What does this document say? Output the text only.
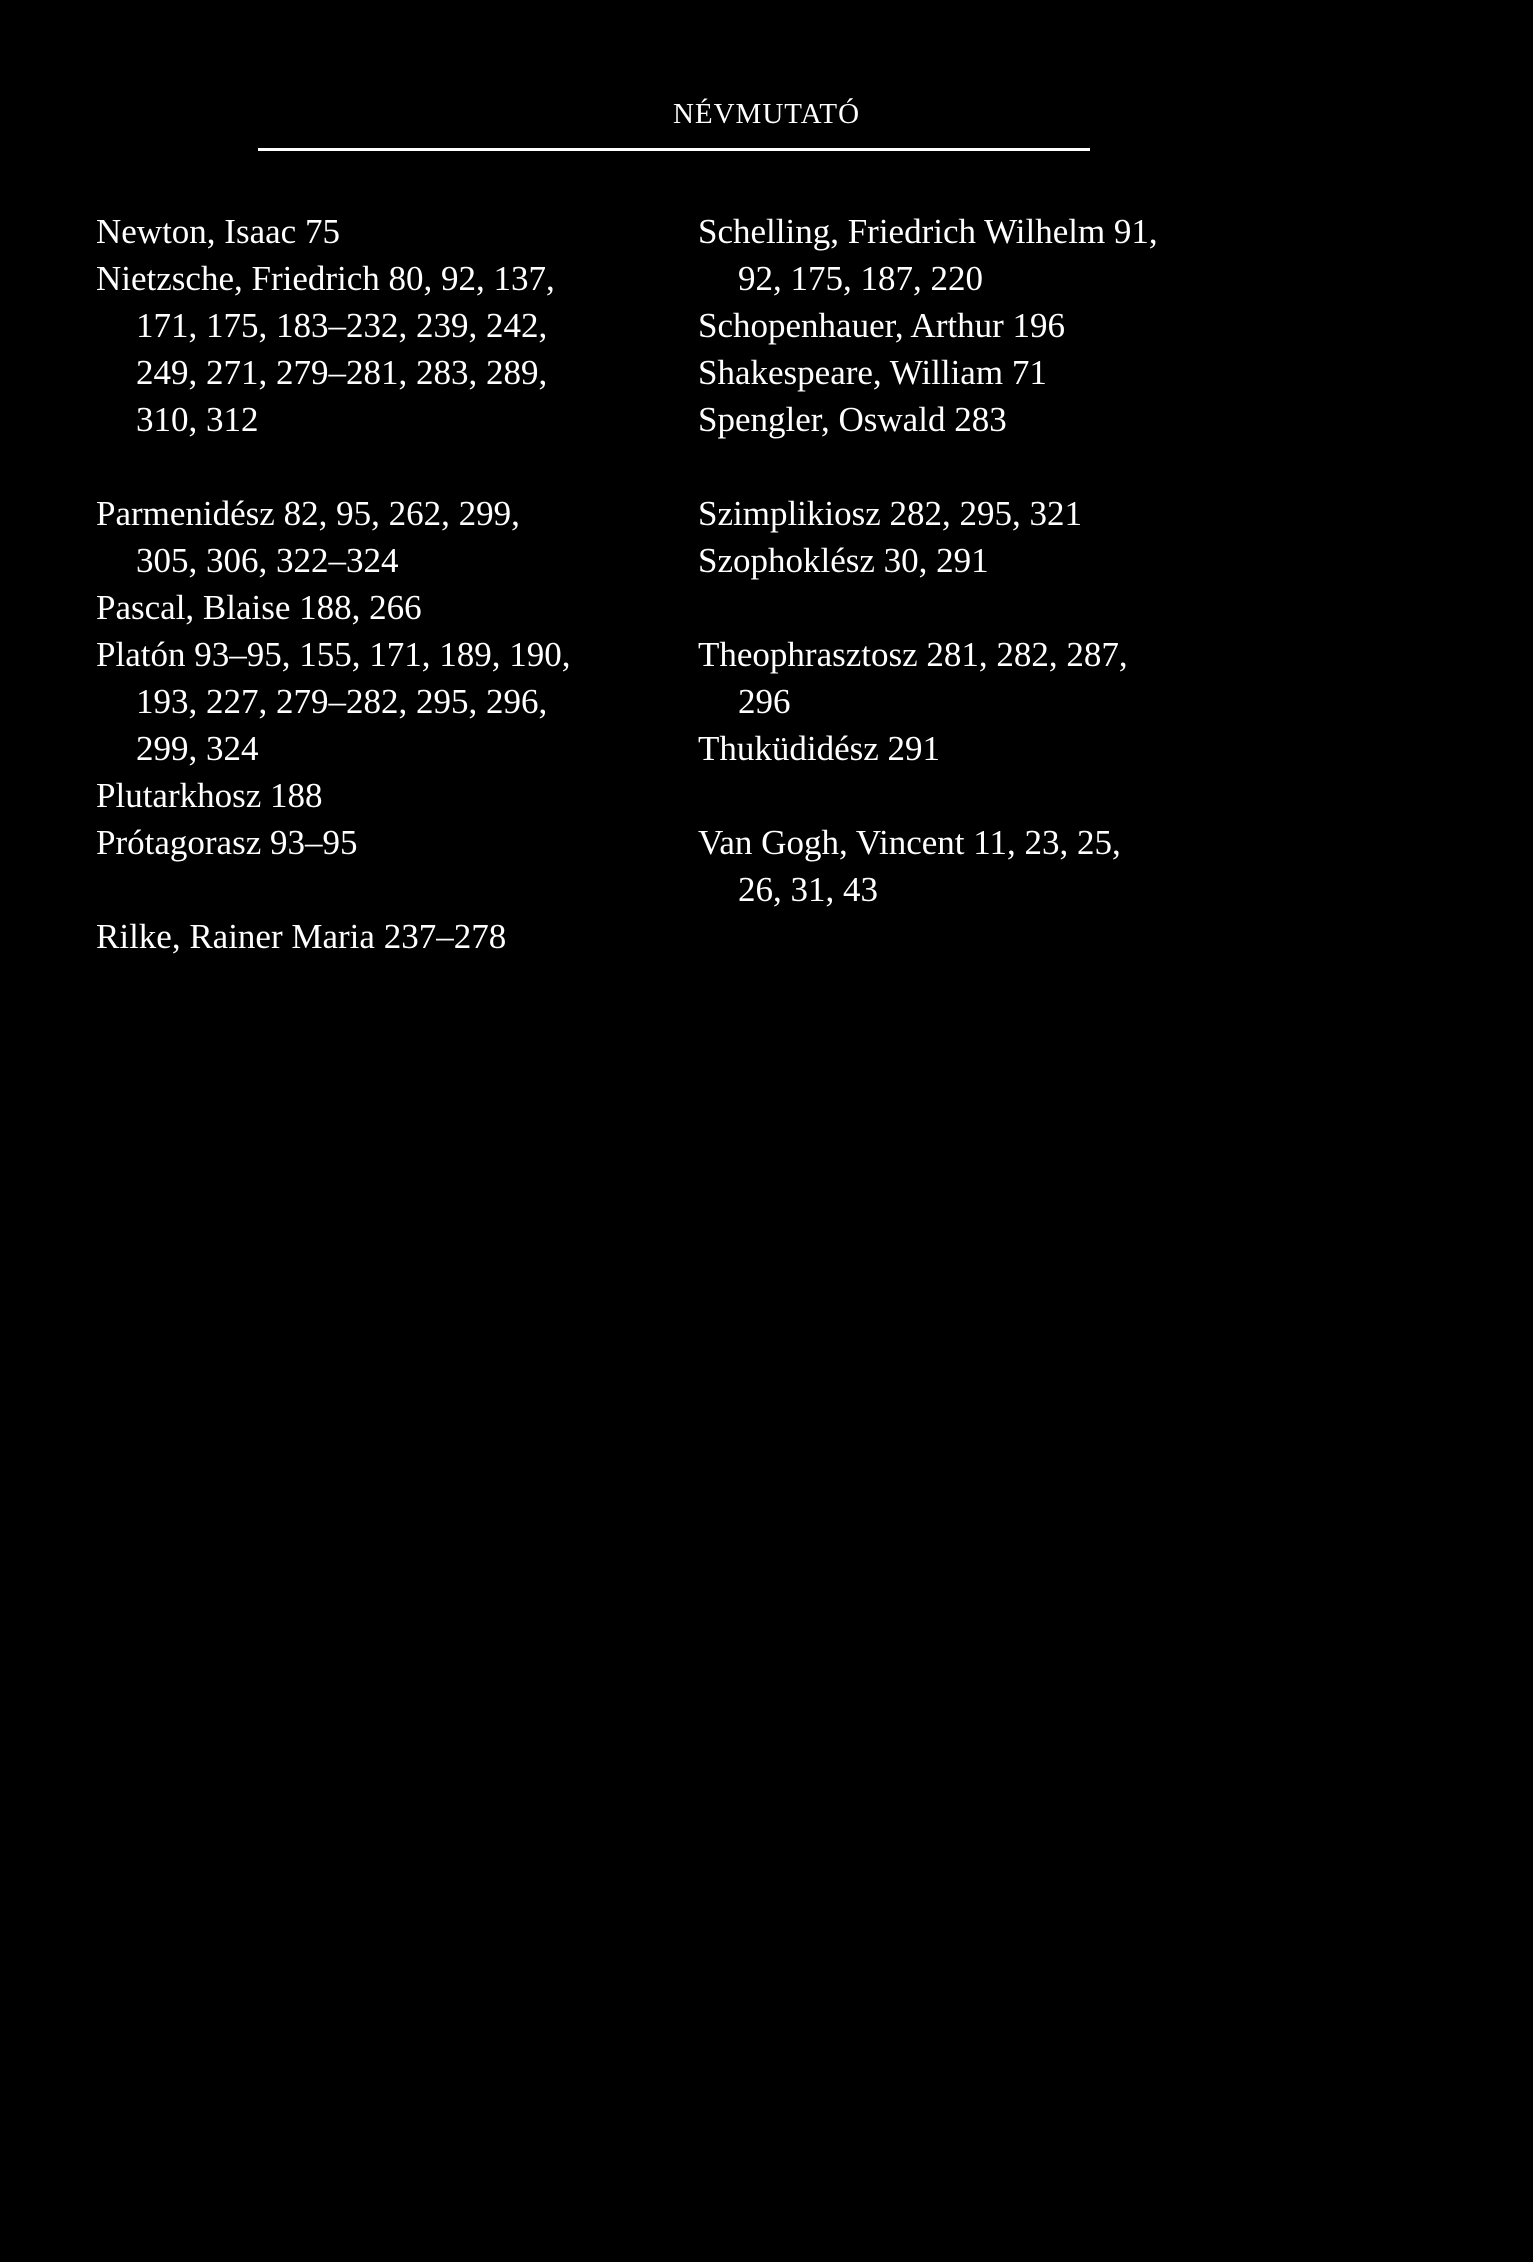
NÉVMUTATÓ
Newton, Isaac 75
Nietzsche, Friedrich 80, 92, 137,
171, 175, 183–232, 239, 242,
249, 271, 279–281, 283, 289,
310, 312
Parmenidész 82, 95, 262, 299,
305, 306, 322–324
Pascal, Blaise 188, 266
Platón 93–95, 155, 171, 189, 190,
193, 227, 279–282, 295, 296,
299, 324
Plutarkhosz 188
Prótagorasz 93–95
Rilke, Rainer Maria 237–278
Schelling, Friedrich Wilhelm 91,
92, 175, 187, 220
Schopenhauer, Arthur 196
Shakespeare, William 71
Spengler, Oswald 283
Szimplikiosz 282, 295, 321
Szophoklész 30, 291
Theophrasztosz 281, 282, 287,
296
Thuküdidész 291
Van Gogh, Vincent 11, 23, 25,
26, 31, 43
